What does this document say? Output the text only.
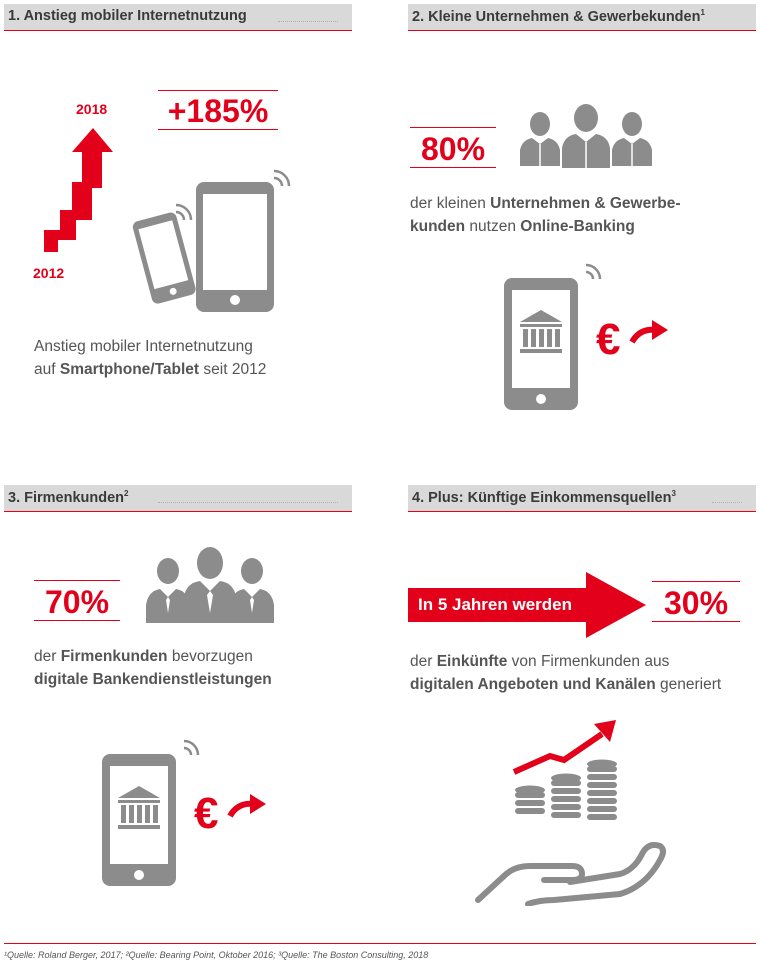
1. Anstieg mobiler Internetnutzung
+185%
2018
2012
Anstieg mobiler Internetnutzung
auf Smartphone/Tablet seit 2012
2. Kleine Unternehmen & Gewerbekunden$^1$
80%
der kleinen Unternehmen & Gewerbe-
kunden nutzen Online-Banking
€
3. Firmenkunden$^2$
70%
der Firmenkunden bevorzugen
digitale Bankendienstleistungen
€
4. Plus: Künftige Einkommensquellen$^3$
In 5 Jahren werden	30%
der Einkünfte von Firmenkunden aus
digitalen Angeboten und Kanälen generiert
¹Quelle: Roland Berger, 2017; ²Quelle: Bearing Point, Oktober 2016; ³Quelle: The Boston Consulting, 2018
